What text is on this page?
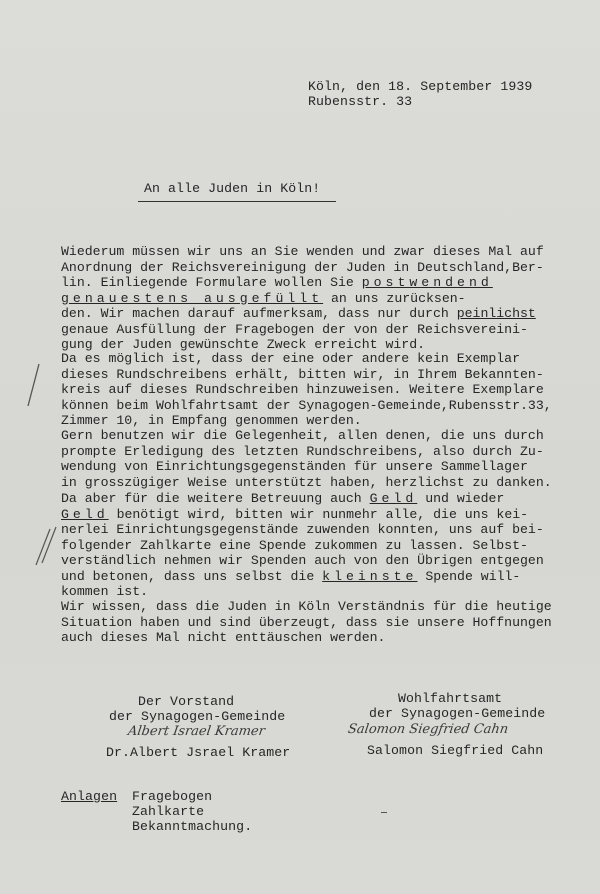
Köln, den 18. September 1939
Rubensstr. 33
An alle Juden in Köln!
Wiederum müssen wir uns an Sie wenden und zwar dieses Mal auf
Anordnung der Reichsvereinigung der Juden in Deutschland,Ber-
lin. Einliegende Formulare wollen Sie postwendend
genauestens ausgefüllt an uns zurücksen-
den. Wir machen darauf aufmerksam, dass nur durch peinlichst
genaue Ausfüllung der Fragebogen der von der Reichsvereini-
gung der Juden gewünschte Zweck erreicht wird.
Da es möglich ist, dass der eine oder andere kein Exemplar
dieses Rundschreibens erhält, bitten wir, in Ihrem Bekannten-
kreis auf dieses Rundschreiben hinzuweisen. Weitere Exemplare
können beim Wohlfahrtsamt der Synagogen-Gemeinde,Rubensstr.33,
Zimmer 10, in Empfang genommen werden.
Gern benutzen wir die Gelegenheit, allen denen, die uns durch
prompte Erledigung des letzten Rundschreibens, also durch Zu-
wendung von Einrichtungsgegenständen für unsere Sammellager
in grosszügiger Weise unterstützt haben, herzlichst zu danken.
Da aber für die weitere Betreuung auch Geld und wieder
Geld benötigt wird, bitten wir nunmehr alle, die uns kei-
nerlei Einrichtungsgegenstände zuwenden konnten, uns auf bei-
folgender Zahlkarte eine Spende zukommen zu lassen. Selbst-
verständlich nehmen wir Spenden auch von den Übrigen entgegen
und betonen, dass uns selbst die kleinste Spende will-
kommen ist.
Wir wissen, dass die Juden in Köln Verständnis für die heutige
Situation haben und sind überzeugt, dass sie unsere Hoffnungen
auch dieses Mal nicht enttäuschen werden.
Der Vorstand
der Synagogen-Gemeinde
Albert Israel Kramer
Dr.Albert Jsrael Kramer
Wohlfahrtsamt
der Synagogen-Gemeinde
Salomon Siegfried Cahn
Salomon Siegfried Cahn
Anlagen Fragebogen
Zahlkarte
Bekanntmachung.
